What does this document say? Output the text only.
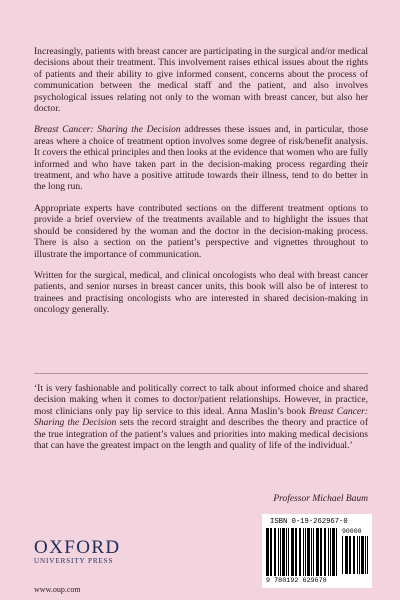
Increasingly, patients with breast cancer are participating in the surgical and/or medical decisions about their treatment. This involvement raises ethical issues about the rights of patients and their ability to give informed consent, concerns about the process of communication between the medical staff and the patient, and also involves psychological issues relating not only to the woman with breast cancer, but also her doctor.

Breast Cancer: Sharing the Decision addresses these issues and, in particular, those areas where a choice of treatment option involves some degree of risk/benefit analysis. It covers the ethical principles and then looks at the evidence that women who are fully informed and who have taken part in the decision-making process regarding their treatment, and who have a positive attitude towards their illness, tend to do better in the long run.

Appropriate experts have contributed sections on the different treatment options to provide a brief overview of the treatments available and to highlight the issues that should be considered by the woman and the doctor in the decision-making process. There is also a section on the patient’s perspective and vignettes throughout to illustrate the importance of communication.

Written for the surgical, medical, and clinical oncologists who deal with breast cancer patients, and senior nurses in breast cancer units, this book will also be of interest to trainees and practising oncologists who are interested in shared decision-making in oncology generally.

‘It is very fashionable and politically correct to talk about informed choice and shared decision making when it comes to doctor/patient relationships. However, in practice, most clinicians only pay lip service to this ideal. Anna Maslin’s book Breast Cancer: Sharing the Decision sets the record straight and describes the theory and practice of the true integration of the patient’s values and priorities into making medical decisions that can have the greatest impact on the length and quality of life of the individual.’

Professor Michael Baum
OXFORD
UNIVERSITY PRESS
www.oup.com
ISBN 0-19-262967-0
90000
9 780192 629678
